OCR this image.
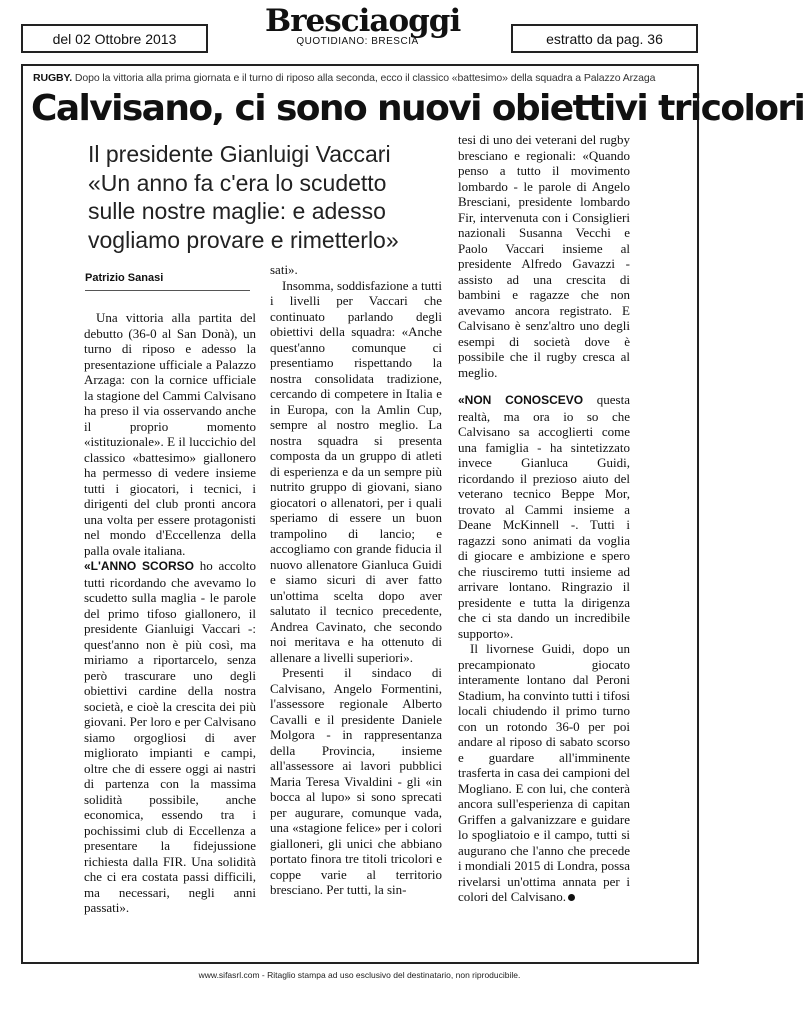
del 02 Ottobre 2013	Bresciaoggi
QUOTIDIANO: BRESCIA	estratto da pag. 36
RUGBY. Dopo la vittoria alla prima giornata e il turno di riposo alla seconda, ecco il classico «battesimo» della squadra a Palazzo Arzaga
Calvisano, ci sono nuovi obiettivi tricolori
Il presidente Gianluigi Vaccari
«Un anno fa c'era lo scudetto
sulle nostre maglie: e adesso
vogliamo provare e rimetterlo»
Patrizio Sanasi

Una vittoria alla partita del debutto (36-0 al San Donà), un turno di riposo e adesso la presentazione ufficiale a Palazzo Arzaga: con la cornice ufficiale la stagione del Cammi Calvisano ha preso il via osservando anche il proprio momento «istituzionale». E il luccichio del classico «battesimo» giallonero ha permesso di vedere insieme tutti i giocatori, i tecnici, i dirigenti del club pronti ancora una volta per essere protagonisti nel mondo d'Eccellenza della palla ovale italiana.

«L'ANNO SCORSO ho accolto tutti ricordando che avevamo lo scudetto sulla maglia - le parole del primo tifoso giallonero, il presidente Gianluigi Vaccari -: quest'anno non è più così, ma miriamo a riportarcelo, senza però trascurare uno degli obiettivi cardine della nostra società, e cioè la crescita dei più giovani. Per loro e per Calvisano siamo orgogliosi di aver migliorato impianti e campi, oltre che di essere oggi ai nastri di partenza con la massima solidità possibile, anche economica, essendo tra i pochissimi club di Eccellenza a presentare la fidejussione richiesta dalla FIR. Una solidità che ci era costata passi difficili, ma necessari, negli anni passati».

sati».

Insomma, soddisfazione a tutti i livelli per Vaccari che continuato parlando degli obiettivi della squadra: «Anche quest'anno comunque ci presentiamo rispettando la nostra consolidata tradizione, cercando di competere in Italia e in Europa, con la Amlin Cup, sempre al nostro meglio. La nostra squadra si presenta composta da un gruppo di atleti di esperienza e da un sempre più nutrito gruppo di giovani, siano giocatori o allenatori, per i quali speriamo di essere un buon trampolino di lancio; e accogliamo con grande fiducia il nuovo allenatore Gianluca Guidi e siamo sicuri di aver fatto un'ottima scelta dopo aver salutato il tecnico precedente, Andrea Cavinato, che secondo noi meritava e ha ottenuto di allenare a livelli superiori».

Presenti il sindaco di Calvisano, Angelo Formentini, l'assessore regionale Alberto Cavalli e il presidente Daniele Molgora - in rappresentanza della Provincia, insieme all'assessore ai lavori pubblici Maria Teresa Vivaldini - gli «in bocca al lupo» si sono sprecati per augurare, comunque vada, una «stagione felice» per i colori gialloneri, gli unici che abbiano portato finora tre titoli tricolori e coppe varie al territorio bresciano. Per tutti, la sin-

tesi di uno dei veterani del rugby bresciano e regionali: «Quando penso a tutto il movimento lombardo - le parole di Angelo Bresciani, presidente lombardo Fir, intervenuta con i Consiglieri nazionali Susanna Vecchi e Paolo Vaccari insieme al presidente Alfredo Gavazzi - assisto ad una crescita di bambini e ragazze che non avevamo ancora registrato. E Calvisano è senz'altro uno degli esempi di società dove è possibile che il rugby cresca al meglio.

«NON CONOSCEVO questa realtà, ma ora io so che Calvisano sa accoglierti come una famiglia - ha sintetizzato invece Gianluca Guidi, ricordando il prezioso aiuto del veterano tecnico Beppe Mor, trovato al Cammi insieme a Deane McKinnell -. Tutti i ragazzi sono animati da voglia di giocare e ambizione e spero che riusciremo tutti insieme ad arrivare lontano. Ringrazio il presidente e tutta la dirigenza che ci sta dando un incredibile supporto».

Il livornese Guidi, dopo un precampionato giocato interamente lontano dal Peroni Stadium, ha convinto tutti i tifosi locali chiudendo il primo turno con un rotondo 36-0 per poi andare al riposo di sabato scorso e guardare all'imminente trasferta in casa dei campioni del Mogliano. E con lui, che conterà ancora sull'esperienza di capitan Griffen a galvanizzare e guidare lo spogliatoio e il campo, tutti si augurano che l'anno che precede i mondiali 2015 di Londra, possa rivelarsi un'ottima annata per i colori del Calvisano.

www.sifasrl.com - Ritaglio stampa ad uso esclusivo del destinatario, non riproducibile.
